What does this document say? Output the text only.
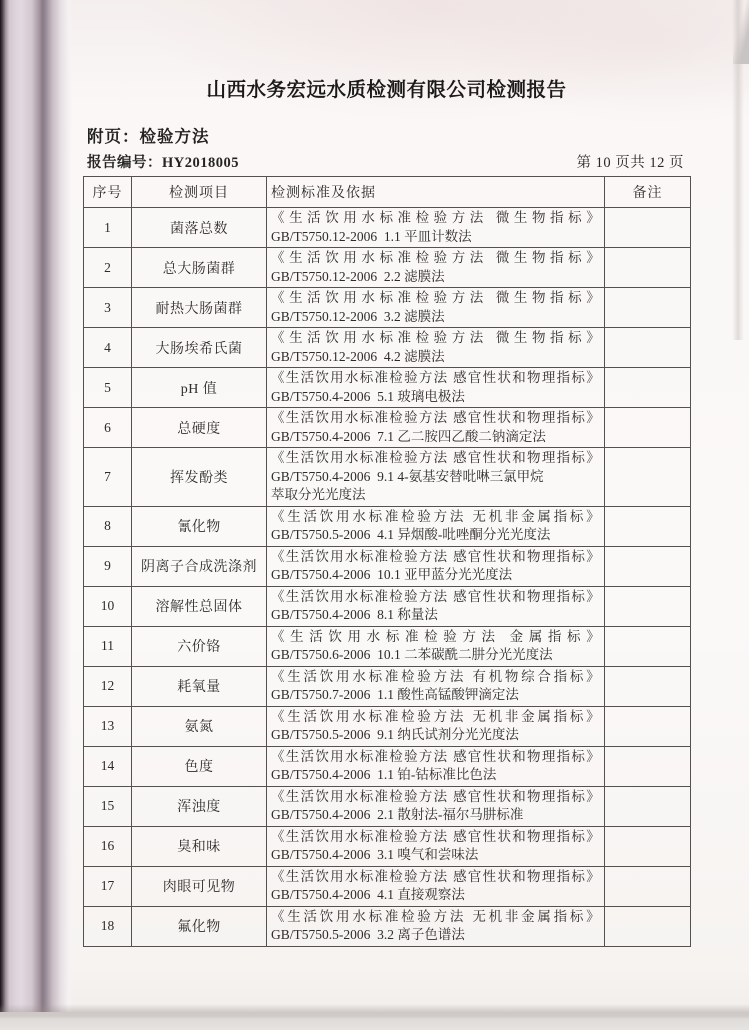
山西水务宏远水质检测有限公司检测报告
附页：检验方法
报告编号：HY2018005	第 10 页共 12 页
序号	检测项目	检测标准及依据	备注
1	菌落总数	《生活饮用水标准检验方法 微生物指标》
GB/T5750.12-2006  1.1 平皿计数法	

2	总大肠菌群	《生活饮用水标准检验方法 微生物指标》
GB/T5750.12-2006  2.2 滤膜法	

3	耐热大肠菌群	《生活饮用水标准检验方法 微生物指标》
GB/T5750.12-2006  3.2 滤膜法	

4	大肠埃希氏菌	《生活饮用水标准检验方法 微生物指标》
GB/T5750.12-2006  4.2 滤膜法	

5	pH 值	《生活饮用水标准检验方法 感官性状和物理指标》
GB/T5750.4-2006  5.1 玻璃电极法	

6	总硬度	《生活饮用水标准检验方法 感官性状和物理指标》
GB/T5750.4-2006  7.1 乙二胺四乙酸二钠滴定法	

7	挥发酚类	《生活饮用水标准检验方法 感官性状和物理指标》
GB/T5750.4-2006  9.1 4-氨基安替吡啉三氯甲烷
萃取分光光度法	

8	氰化物	《生活饮用水标准检验方法 无机非金属指标》
GB/T5750.5-2006  4.1 异烟酸-吡唑酮分光光度法	

9	阴离子合成洗涤剂	《生活饮用水标准检验方法 感官性状和物理指标》
GB/T5750.4-2006  10.1 亚甲蓝分光光度法	

10	溶解性总固体	《生活饮用水标准检验方法 感官性状和物理指标》
GB/T5750.4-2006  8.1 称量法	

11	六价铬	《生活饮用水标准检验方法 金属指标》
GB/T5750.6-2006  10.1 二苯碳酰二肼分光光度法	

12	耗氧量	《生活饮用水标准检验方法 有机物综合指标》
GB/T5750.7-2006  1.1 酸性高锰酸钾滴定法	

13	氨氮	《生活饮用水标准检验方法 无机非金属指标》
GB/T5750.5-2006  9.1 纳氏试剂分光光度法	

14	色度	《生活饮用水标准检验方法 感官性状和物理指标》
GB/T5750.4-2006  1.1 铂-钴标准比色法	

15	浑浊度	《生活饮用水标准检验方法 感官性状和物理指标》
GB/T5750.4-2006  2.1 散射法-福尔马肼标准	

16	臭和味	《生活饮用水标准检验方法 感官性状和物理指标》
GB/T5750.4-2006  3.1 嗅气和尝味法	

17	肉眼可见物	《生活饮用水标准检验方法 感官性状和物理指标》
GB/T5750.4-2006  4.1 直接观察法	

18	氟化物	《生活饮用水标准检验方法 无机非金属指标》
GB/T5750.5-2006  3.2 离子色谱法	
